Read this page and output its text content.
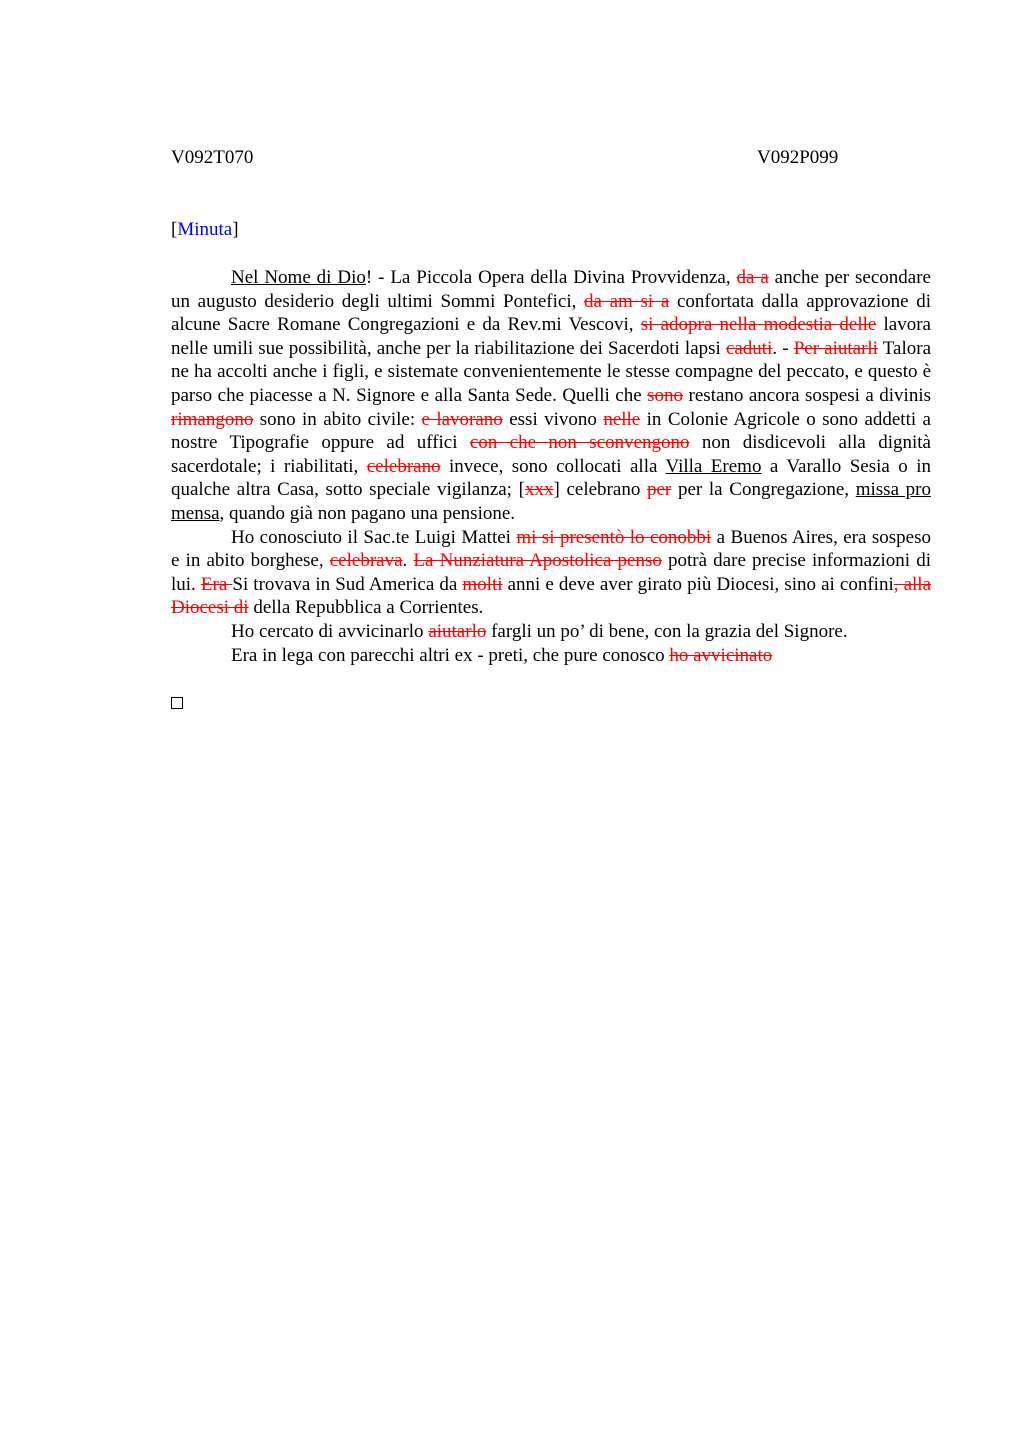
V092T070	V092P099
[Minuta]

Nel Nome di Dio! - La Piccola Opera della Divina Provvidenza, da a anche per secondare un augusto desiderio degli ultimi Sommi Pontefici, da am si a confortata dalla approvazione di alcune Sacre Romane Congregazioni e da Rev.mi Vescovi, si adopra nella modestia delle lavora nelle umili sue possibilità, anche per la riabilitazione dei Sacerdoti lapsi caduti. - Per aiutarli Talora ne ha accolti anche i figli, e sistemate convenientemente le stesse compagne del peccato, e questo è parso che piacesse a N. Signore e alla Santa Sede. Quelli che sono restano ancora sospesi a divinis rimangono sono in abito civile: e lavorano essi vivono nelle in Colonie Agricole o sono addetti a nostre Tipografie oppure ad uffici con che non sconvengono non disdicevoli alla dignità sacerdotale; i riabilitati, celebrano invece, sono collocati alla Villa Eremo a Varallo Sesia o in qualche altra Casa, sotto speciale vigilanza; [xxx] celebrano per per la Congregazione, missa pro mensa, quando già non pagano una pensione.

Ho conosciuto il Sac.te Luigi Mattei mi si presentò lo conobbi a Buenos Aires, era sospeso e in abito borghese, celebrava. La Nunziatura Apostolica penso potrà dare precise informazioni di lui. Era Si trovava in Sud America da molti anni e deve aver girato più Diocesi, sino ai confini, alla Diocesi di della Repubblica a Corrientes.

Ho cercato di avvicinarlo aiutarlo fargli un po’ di bene, con la grazia del Signore.

Era in lega con parecchi altri ex - preti, che pure conosco ho avvicinato
